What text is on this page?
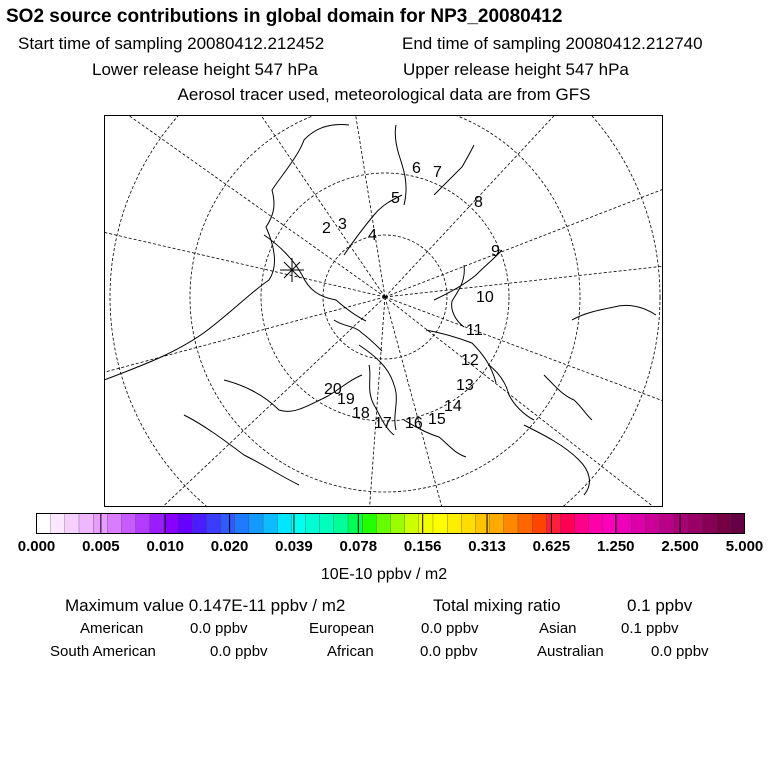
SO2 source contributions in global domain for NP3_20080412
Start time of sampling 20080412.212452	End time of sampling 20080412.212740
Lower release height 547 hPa	Upper release height 547 hPa
Aerosol tracer used, meteorological data are from GFS
2 3
4
5
6 7
8
9
10
11
12
13
14
15
16
17
18
19
20
0.000 0.005 0.010 0.020 0.039 0.078 0.156 0.313 0.625 1.250 2.500 5.000
10E-10 ppbv / m2
Maximum value 0.147E-11 ppbv / m2	Total mixing ratio	0.1 ppbv
American	0.0 ppbv	European	0.0 ppbv	Asian	0.1 ppbv
South American	0.0 ppbv	African	0.0 ppbv	Australian	0.0 ppbv
